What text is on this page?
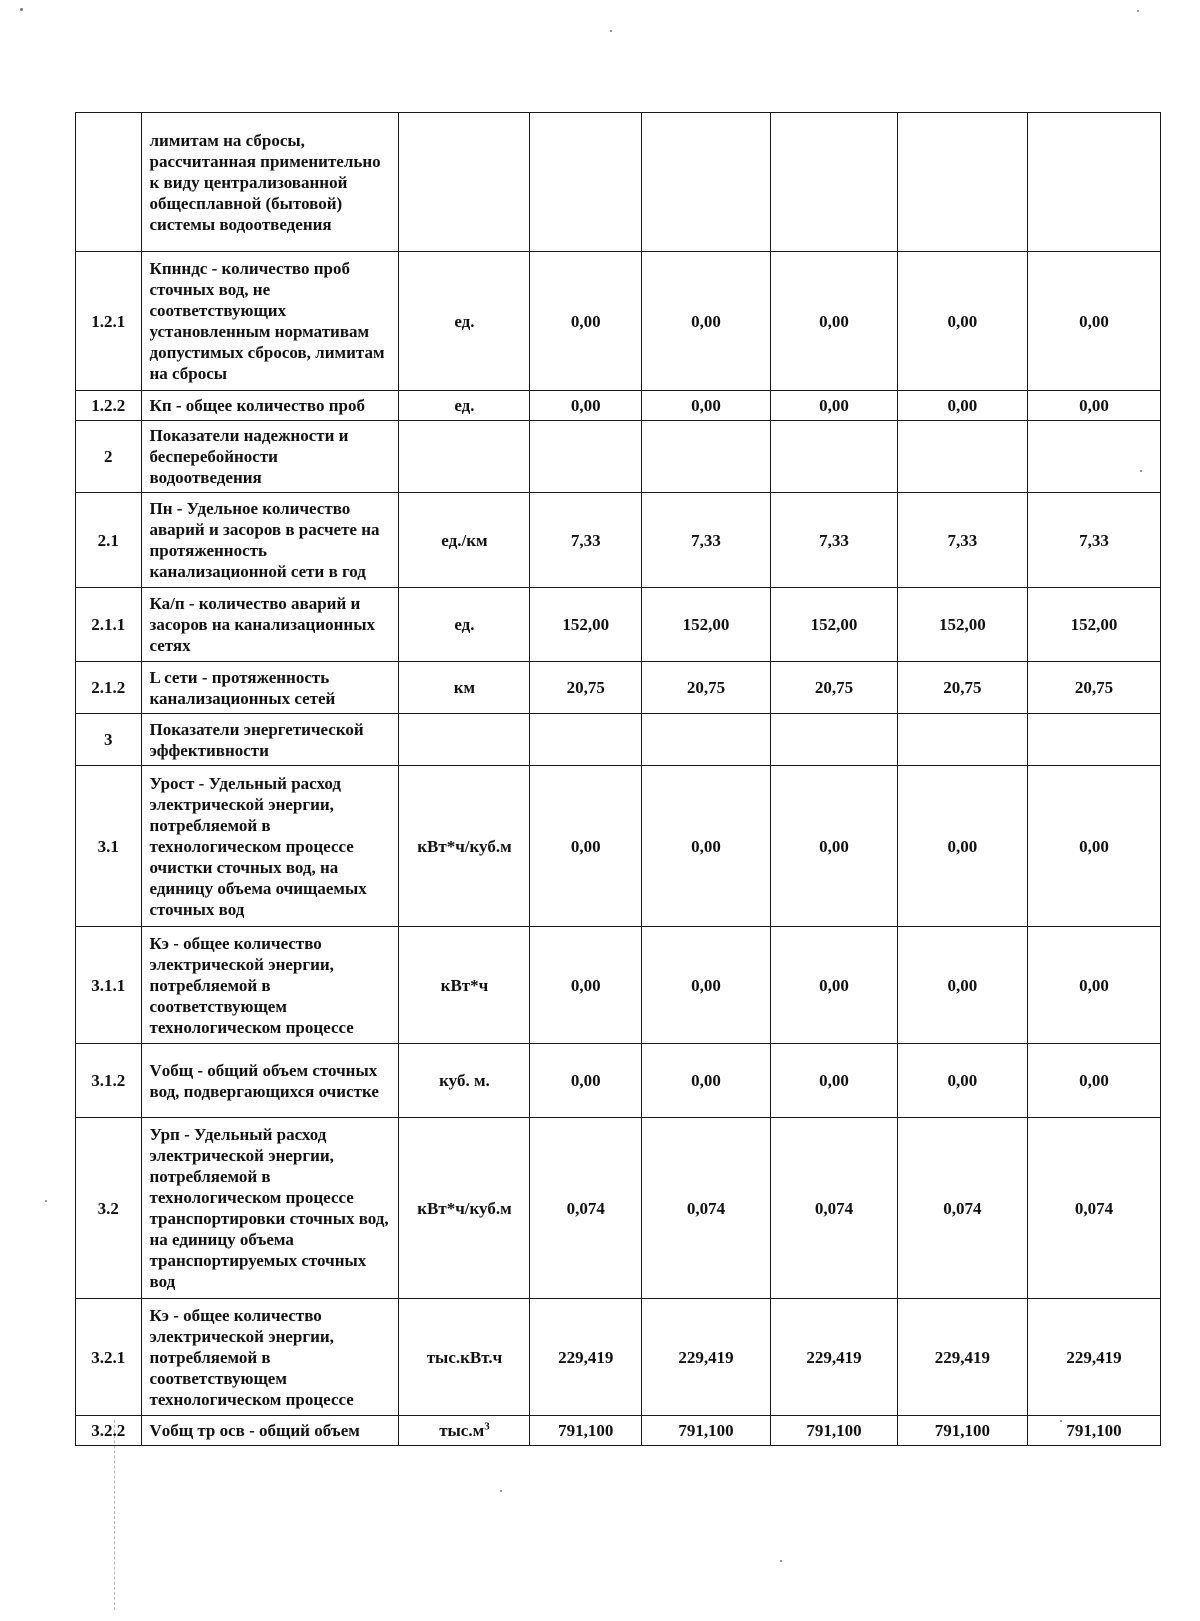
	лимитам на сбросы, рассчитанная применительно к виду централизованной общесплавной (бытовой) системы водоотведения						
1.2.1	Кпнндс - количество проб сточных вод, не соответствующих установленным нормативам допустимых сбросов, лимитам на сбросы	ед.	0,00	0,00	0,00	0,00	0,00
1.2.2	Кп - общее количество проб	ед.	0,00	0,00	0,00	0,00	0,00
2	Показатели надежности и бесперебойности водоотведения						
2.1	Пн - Удельное количество аварий и засоров в расчете на протяженность канализационной сети в год	ед./км	7,33	7,33	7,33	7,33	7,33
2.1.1	Ка/п - количество аварий и засоров на канализационных сетях	ед.	152,00	152,00	152,00	152,00	152,00
2.1.2	L сети - протяженность канализационных сетей	км	20,75	20,75	20,75	20,75	20,75
3	Показатели энергетической эффективности						
3.1	Урост - Удельный расход электрической энергии, потребляемой в технологическом процессе очистки сточных вод, на единицу объема очищаемых сточных вод	кВт*ч/куб.м	0,00	0,00	0,00	0,00	0,00
3.1.1	Кэ - общее количество электрической энергии, потребляемой в соответствующем технологическом процессе	кВт*ч	0,00	0,00	0,00	0,00	0,00
3.1.2	Vобщ - общий объем сточных вод, подвергающихся очистке	куб. м.	0,00	0,00	0,00	0,00	0,00
3.2	Урп - Удельный расход электрической энергии, потребляемой в технологическом процессе транспортировки сточных вод, на единицу объема транспортируемых сточных вод	кВт*ч/куб.м	0,074	0,074	0,074	0,074	0,074
3.2.1	Кэ - общее количество электрической энергии, потребляемой в соответствующем технологическом процессе	тыс.кВт.ч	229,419	229,419	229,419	229,419	229,419
3.2.2	Vобщ тр осв - общий объем	$тыс.м^3$	791,100	791,100	791,100	791,100	791,100
